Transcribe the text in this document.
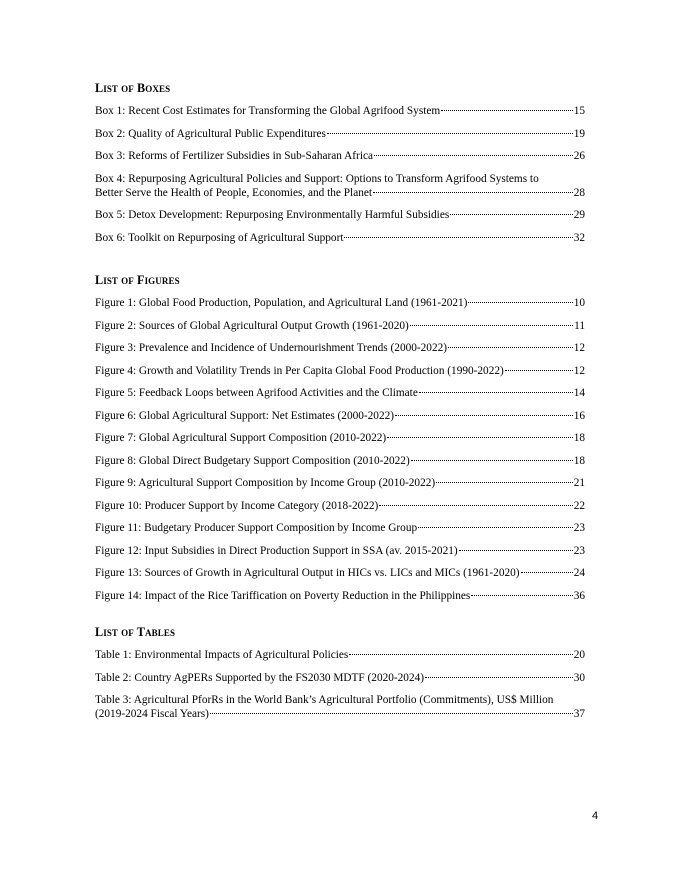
List of Boxes
Box 1: Recent Cost Estimates for Transforming the Global Agrifood System	15
Box 2: Quality of Agricultural Public Expenditures	19
Box 3: Reforms of Fertilizer Subsidies in Sub-Saharan Africa	26
Box 4: Repurposing Agricultural Policies and Support: Options to Transform Agrifood Systems to
Better Serve the Health of People, Economies, and the Planet	28
Box 5: Detox Development: Repurposing Environmentally Harmful Subsidies	29
Box 6: Toolkit on Repurposing of Agricultural Support	32
List of Figures
Figure 1: Global Food Production, Population, and Agricultural Land (1961-2021)	10
Figure 2: Sources of Global Agricultural Output Growth (1961-2020)	11
Figure 3: Prevalence and Incidence of Undernourishment Trends (2000-2022)	12
Figure 4: Growth and Volatility Trends in Per Capita Global Food Production (1990-2022)	12
Figure 5: Feedback Loops between Agrifood Activities and the Climate	14
Figure 6: Global Agricultural Support: Net Estimates (2000-2022)	16
Figure 7: Global Agricultural Support Composition (2010-2022)	18
Figure 8: Global Direct Budgetary Support Composition (2010-2022)	18
Figure 9: Agricultural Support Composition by Income Group (2010-2022)	21
Figure 10: Producer Support by Income Category (2018-2022)	22
Figure 11: Budgetary Producer Support Composition by Income Group	23
Figure 12: Input Subsidies in Direct Production Support in SSA (av. 2015-2021)	23
Figure 13: Sources of Growth in Agricultural Output in HICs vs. LICs and MICs (1961-2020)	24
Figure 14: Impact of the Rice Tariffication on Poverty Reduction in the Philippines	36
List of Tables
Table 1: Environmental Impacts of Agricultural Policies	20
Table 2: Country AgPERs Supported by the FS2030 MDTF (2020-2024)	30
Table 3: Agricultural PforRs in the World Bank’s Agricultural Portfolio (Commitments), US$ Million
(2019-2024 Fiscal Years)	37
4
